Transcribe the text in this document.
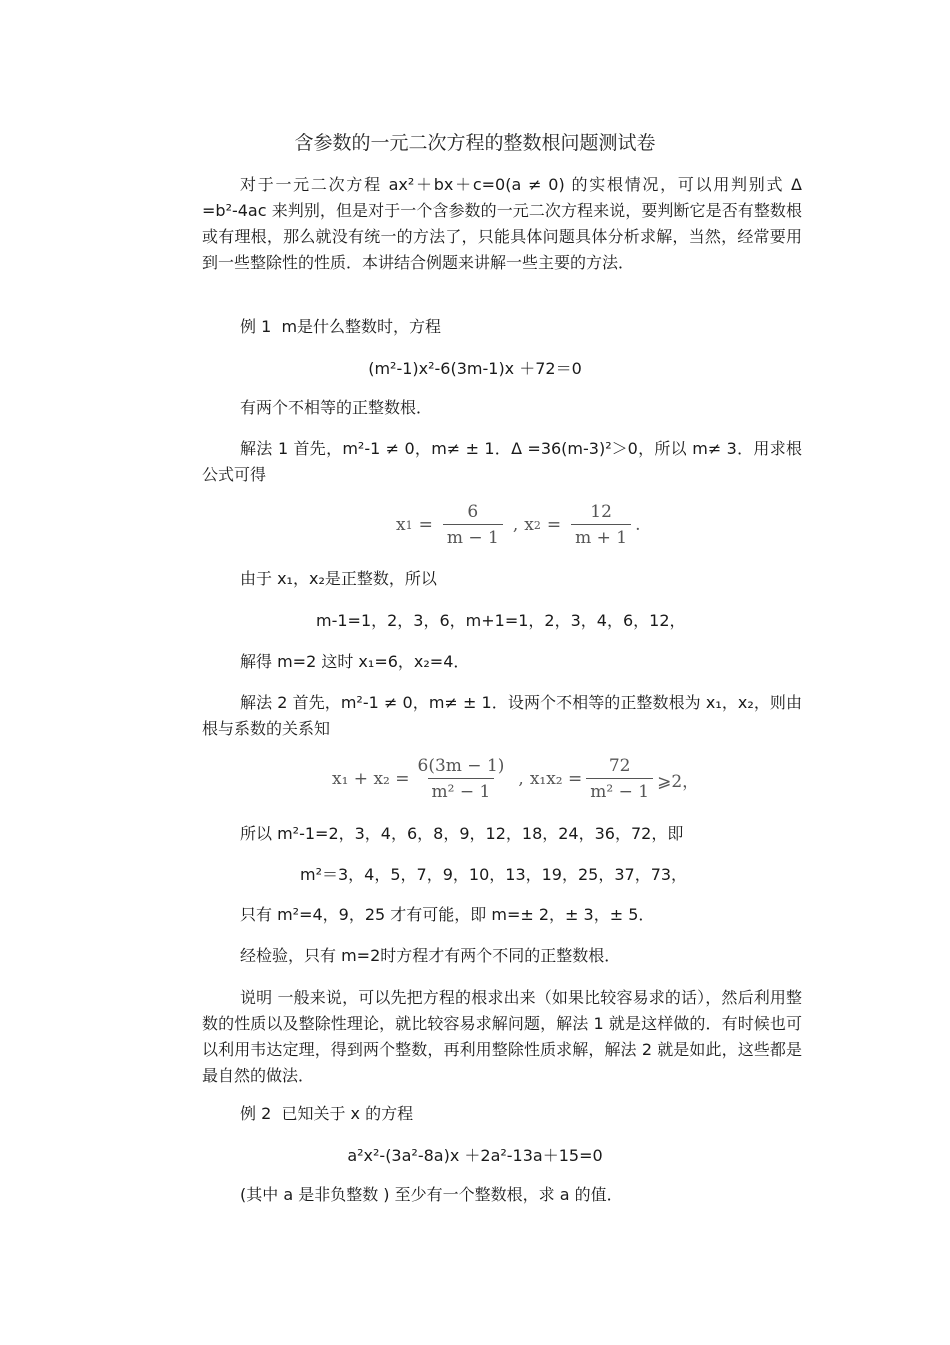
含参数的一元二次方程的整数根问题测试卷
对于一元二次方程 ax²＋bx＋c=0(a ≠ 0) 的实根情况，可以用判别式 Δ =b²-4ac 来判别，但是对于一个含参数的一元二次方程来说，要判断它是否有整数根或有理根，那么就没有统一的方法了，只能具体问题具体分析求解，当然，经常要用到一些整除性的性质．本讲结合例题来讲解一些主要的方法．
例 1  m是什么整数时，方程
(m²-1)x²-6(3m-1)x ＋72＝0
有两个不相等的正整数根．
解法 1 首先，m²-1 ≠ 0，m≠ ± 1．Δ =36(m-3)²＞0，所以 m≠ 3．用求根公式可得
x $1 = \frac{6}{m - 1}$ , x $2 = \frac{12}{m + 1}$ .
由于 x₁，x₂是正整数，所以
m-1=1，2，3，6，m+1=1，2，3，4，6，12，
解得 m=2 这时 x₁=6，x₂=4．
解法 2 首先，m²-1 ≠ 0，m≠ ± 1．设两个不相等的正整数根为 x₁，x₂，则由根与系数的关系知
$x_1 + x_2 = \frac{6(3m - 1)}{\text{m² − 1}}$ , $x_1x_2 = \frac{72}{\text{m² − 1}}$ ⩾2，
所以 m²-1=2，3，4，6，8，9，12，18，24，36，72，即
m²＝3，4，5，7，9，10，13，19，25，37，73，
只有 m²=4，9，25 才有可能，即 m=± 2，± 3，± 5．
经检验，只有 m=2时方程才有两个不同的正整数根．
说明 一般来说，可以先把方程的根求出来（如果比较容易求的话），然后利用整数的性质以及整除性理论，就比较容易求解问题，解法 1 就是这样做的．有时候也可以利用韦达定理，得到两个整数，再利用整除性质求解，解法 2 就是如此，这些都是最自然的做法．
例 2  已知关于 x 的方程
a²x²-(3a²-8a)x ＋2a²-13a＋15=0
(其中 a 是非负整数 ) 至少有一个整数根，求 a 的值．
